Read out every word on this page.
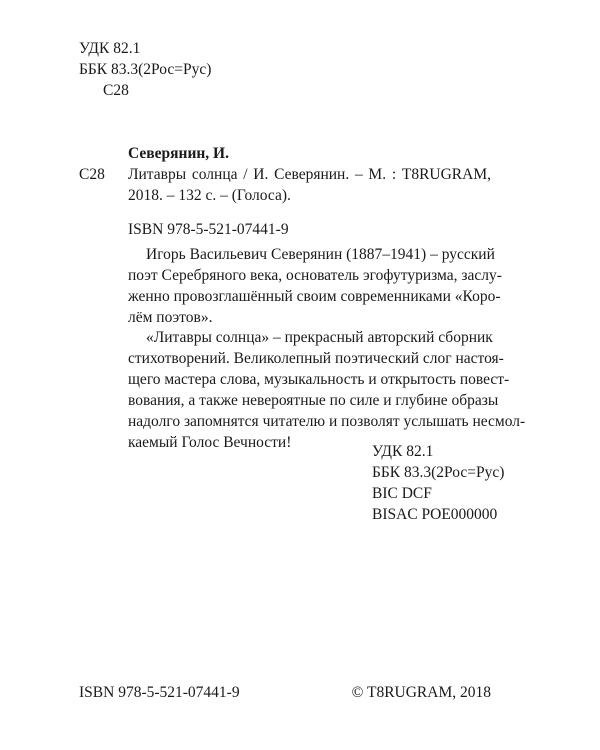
УДК 82.1
ББК 83.3(2Рос=Рус)
С28
Северянин, И.
С28 Литавры солнца / И. Северянин. – М. : T8RUGRAM,
2018. – 132 с. – (Голоса).
ISBN 978-5-521-07441-9
Игорь Васильевич Северянин (1887–1941) – русский
поэт Серебряного века, основатель эгофутуризма, заслу-
женно провозглашённый своим современниками «Коро-
лём поэтов».
«Литавры солнца» – прекрасный авторский сборник
стихотворений. Великолепный поэтический слог настоя-
щего мастера слова, музыкальность и открытость повест-
вования, а также невероятные по силе и глубине образы
надолго запомнятся читателю и позволят услышать несмол-
каемый Голос Вечности!
УДК 82.1
ББК 83.3(2Рос=Рус)
BIC DCF
BISAC POE000000
ISBN 978-5-521-07441-9	© T8RUGRAM, 2018
